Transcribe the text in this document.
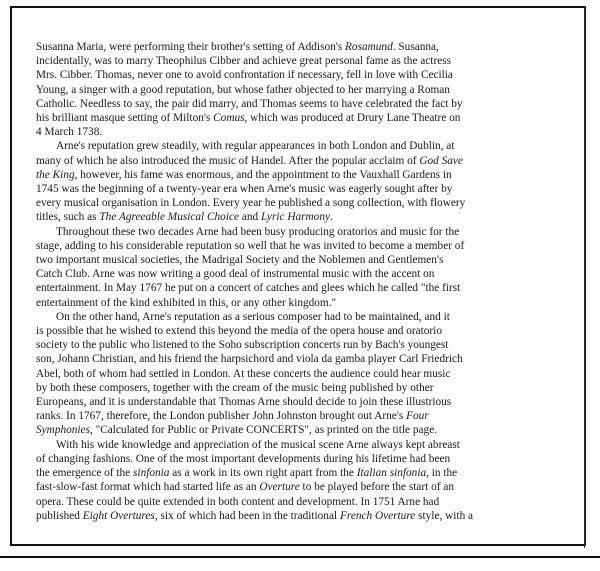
Susanna Maria, were performing their brother's setting of Addison's Rosamund. Susanna,
incidentally, was to marry Theophilus Cibber and achieve great personal fame as the actress
Mrs. Cibber. Thomas, never one to avoid confrontation if necessary, fell in love with Cecilia
Young, a singer with a good reputation, but whose father objected to her marrying a Roman
Catholic. Needless to say, the pair did marry, and Thomas seems to have celebrated the fact by
his brilliant masque setting of Milton's Comus, which was produced at Drury Lane Theatre on
4 March 1738.

Arne's reputation grew steadily, with regular appearances in both London and Dublin, at
many of which he also introduced the music of Handel. After the popular acclaim of God Save
the King, however, his fame was enormous, and the appointment to the Vauxhall Gardens in
1745 was the beginning of a twenty-year era when Arne's music was eagerly sought after by
every musical organisation in London. Every year he published a song collection, with flowery
titles, such as The Agreeable Musical Choice and Lyric Harmony.

Throughout these two decades Arne had been busy producing oratorios and music for the
stage, adding to his considerable reputation so well that he was invited to become a member of
two important musical societies, the Madrigal Society and the Noblemen and Gentlemen's
Catch Club. Arne was now writing a good deal of instrumental music with the accent on
entertainment. In May 1767 he put on a concert of catches and glees which he called "the first
entertainment of the kind exhibited in this, or any other kingdom."

On the other hand, Arne's reputation as a serious composer had to be maintained, and it
is possible that he wished to extend this beyond the media of the opera house and oratorio
society to the public who listened to the Soho subscription concerts run by Bach's youngest
son, Johann Christian, and his friend the harpsichord and viola da gamba player Carl Friedrich
Abel, both of whom had settled in London. At these concerts the audience could hear music
by both these composers, together with the cream of the music being published by other
Europeans, and it is understandable that Thomas Arne should decide to join these illustrious
ranks. In 1767, therefore, the London publisher John Johnston brought out Arne's Four
Symphonies, "Calculated for Public or Private CONCERTS", as printed on the title page.

With his wide knowledge and appreciation of the musical scene Arne always kept abreast
of changing fashions. One of the most important developments during his lifetime had been
the emergence of the sinfonia as a work in its own right apart from the Italian sinfonia, in the
fast-slow-fast format which had started life as an Overture to be played before the start of an
opera. These could be quite extended in both content and development. In 1751 Arne had
published Eight Overtures, six of which had been in the traditional French Overture style, with a
